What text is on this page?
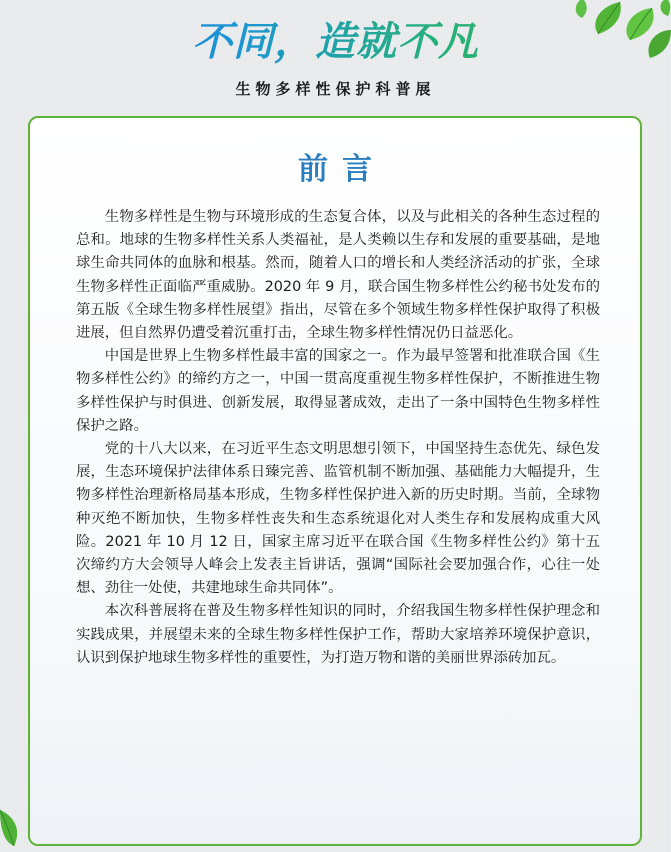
不同，造就不凡
生物多样性保护科普展
前言

生物多样性是生物与环境形成的生态复合体，以及与此相关的各种生态过程的总和。地球的生物多样性关系人类福祉，是人类赖以生存和发展的重要基础，是地球生命共同体的血脉和根基。然而，随着人口的增长和人类经济活动的扩张，全球生物多样性正面临严重威胁。2020 年 9 月，联合国生物多样性公约秘书处发布的第五版《全球生物多样性展望》指出，尽管在多个领域生物多样性保护取得了积极进展，但自然界仍遭受着沉重打击，全球生物多样性情况仍日益恶化。

中国是世界上生物多样性最丰富的国家之一。作为最早签署和批准联合国《生物多样性公约》的缔约方之一，中国一贯高度重视生物多样性保护，不断推进生物多样性保护与时俱进、创新发展，取得显著成效，走出了一条中国特色生物多样性保护之路。

党的十八大以来，在习近平生态文明思想引领下，中国坚持生态优先、绿色发展，生态环境保护法律体系日臻完善、监管机制不断加强、基础能力大幅提升，生物多样性治理新格局基本形成，生物多样性保护进入新的历史时期。当前，全球物种灭绝不断加快，生物多样性丧失和生态系统退化对人类生存和发展构成重大风险。2021 年 10 月 12 日，国家主席习近平在联合国《生物多样性公约》第十五次缔约方大会领导人峰会上发表主旨讲话，强调“国际社会要加强合作，心往一处想、劲往一处使，共建地球生命共同体”。

本次科普展将在普及生物多样性知识的同时，介绍我国生物多样性保护理念和实践成果，并展望未来的全球生物多样性保护工作，帮助大家培养环境保护意识，认识到保护地球生物多样性的重要性，为打造万物和谐的美丽世界添砖加瓦。
